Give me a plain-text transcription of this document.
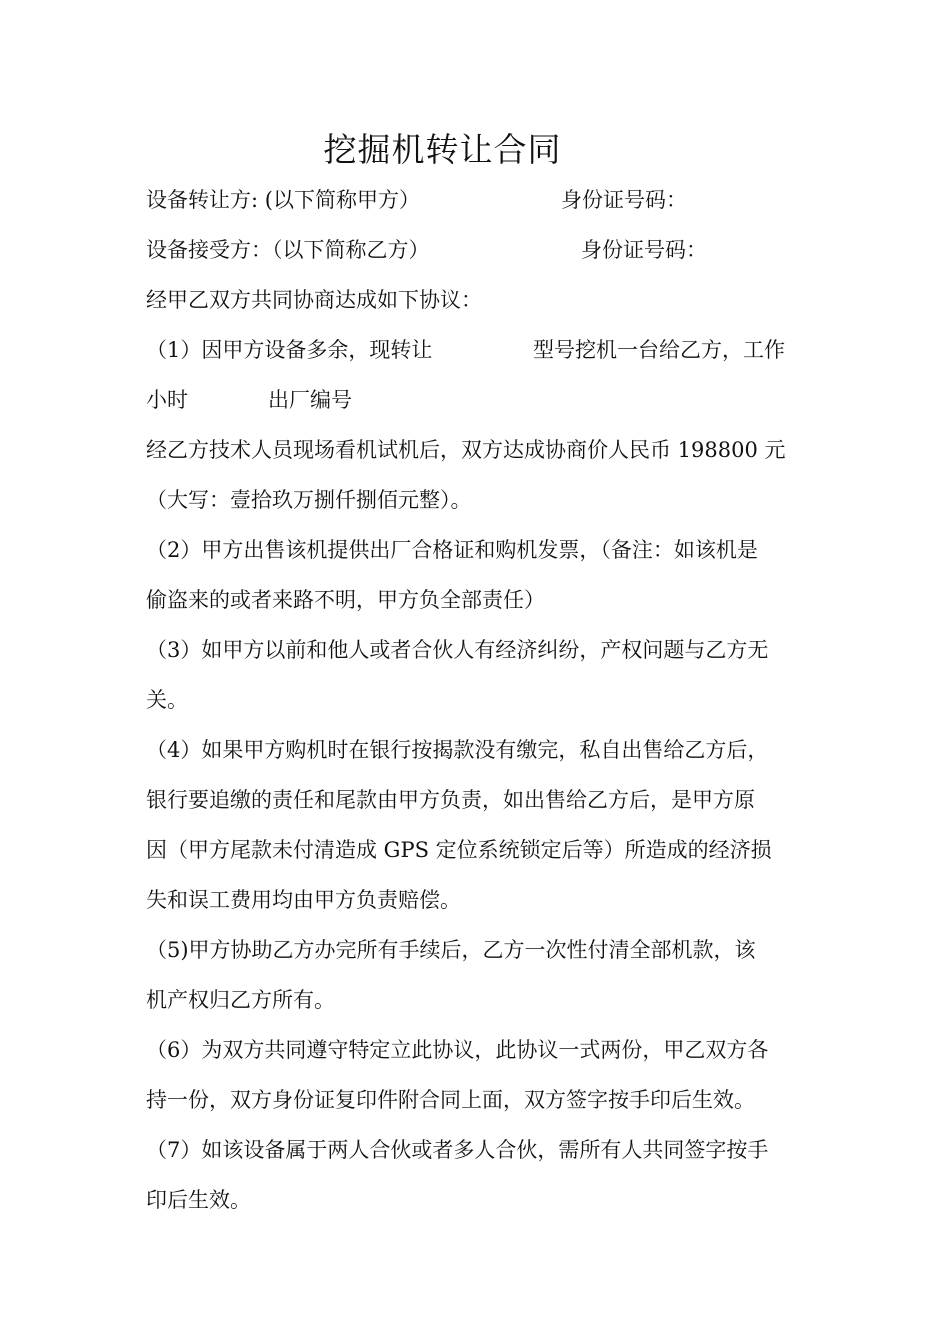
挖掘机转让合同
设备转让方: (以下简称甲方）	身份证号码：
设备接受方：（以下简称乙方）	身份证号码：
经甲乙双方共同协商达成如下协议：
（1）因甲方设备多余，现转让	型号挖机一台给乙方，工作
小时	出厂编号
经乙方技术人员现场看机试机后，双方达成协商价人民币 198800 元
（大写：壹拾玖万捌仟捌佰元整）。
（2）甲方出售该机提供出厂合格证和购机发票，（备注：如该机是
偷盗来的或者来路不明，甲方负全部责任）
（3）如甲方以前和他人或者合伙人有经济纠纷，产权问题与乙方无
关。
（4）如果甲方购机时在银行按揭款没有缴完，私自出售给乙方后，
银行要追缴的责任和尾款由甲方负责，如出售给乙方后，是甲方原
因（甲方尾款未付清造成 GPS 定位系统锁定后等）所造成的经济损
失和误工费用均由甲方负责赔偿。
（5)甲方协助乙方办完所有手续后，乙方一次性付清全部机款，该
机产权归乙方所有。
（6）为双方共同遵守特定立此协议，此协议一式两份，甲乙双方各
持一份，双方身份证复印件附合同上面，双方签字按手印后生效。
（7）如该设备属于两人合伙或者多人合伙，需所有人共同签字按手
印后生效。
